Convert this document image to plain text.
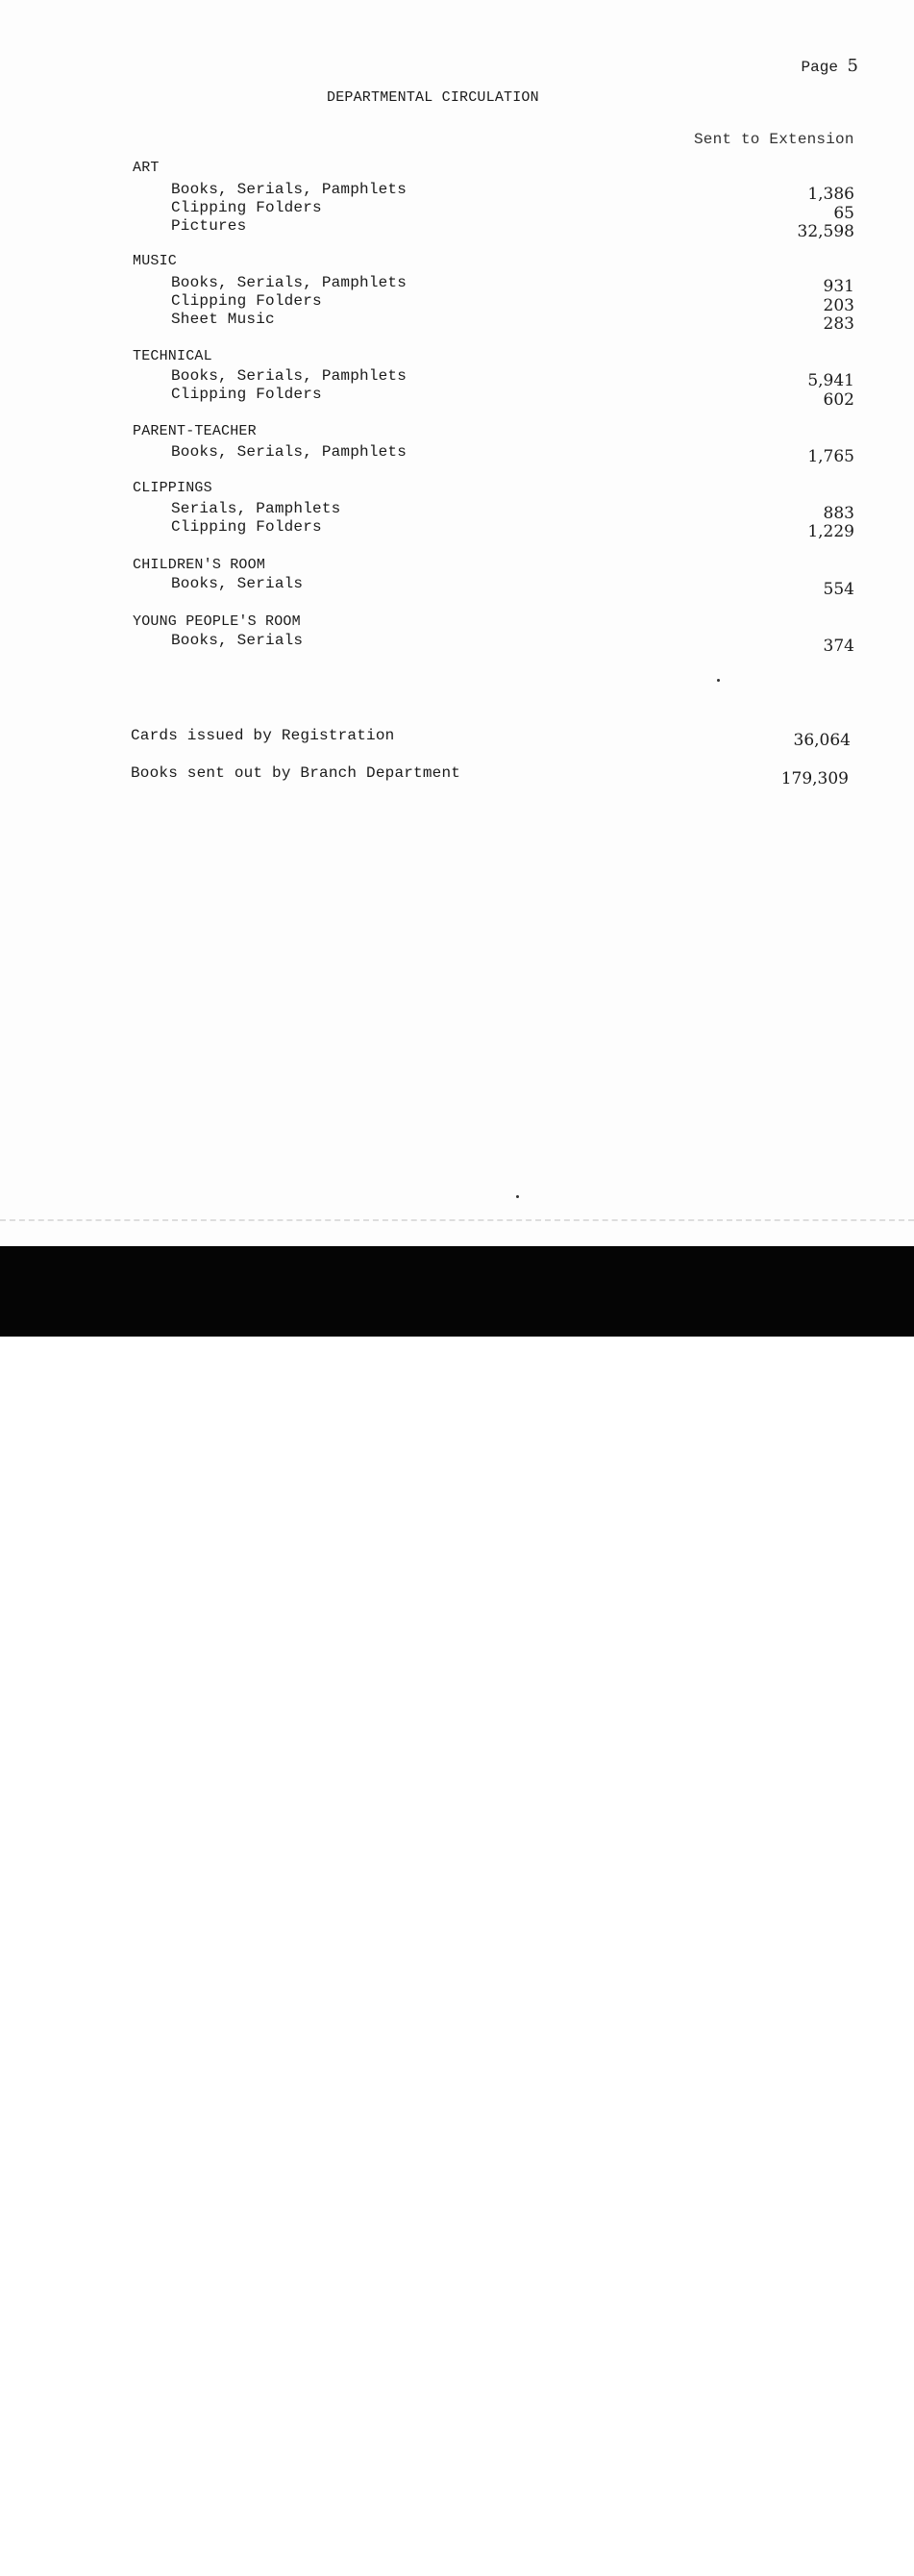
Page 5
DEPARTMENTAL CIRCULATION
Sent to Extension
ART
Books, Serials, Pamphlets	1,386
Clipping Folders	65
Pictures	32,598
MUSIC
Books, Serials, Pamphlets	931
Clipping Folders	203
Sheet Music	283
TECHNICAL
Books, Serials, Pamphlets	5,941
Clipping Folders	602
PARENT-TEACHER
Books, Serials, Pamphlets	1,765
CLIPPINGS
Serials, Pamphlets	883
Clipping Folders	1,229
CHILDREN'S ROOM
Books, Serials	554
YOUNG PEOPLE'S ROOM
Books, Serials	374
Cards issued by Registration	36,064
Books sent out by Branch Department	179,309
alamy	Image ID: 3A5NRAB
www.alamy.com
